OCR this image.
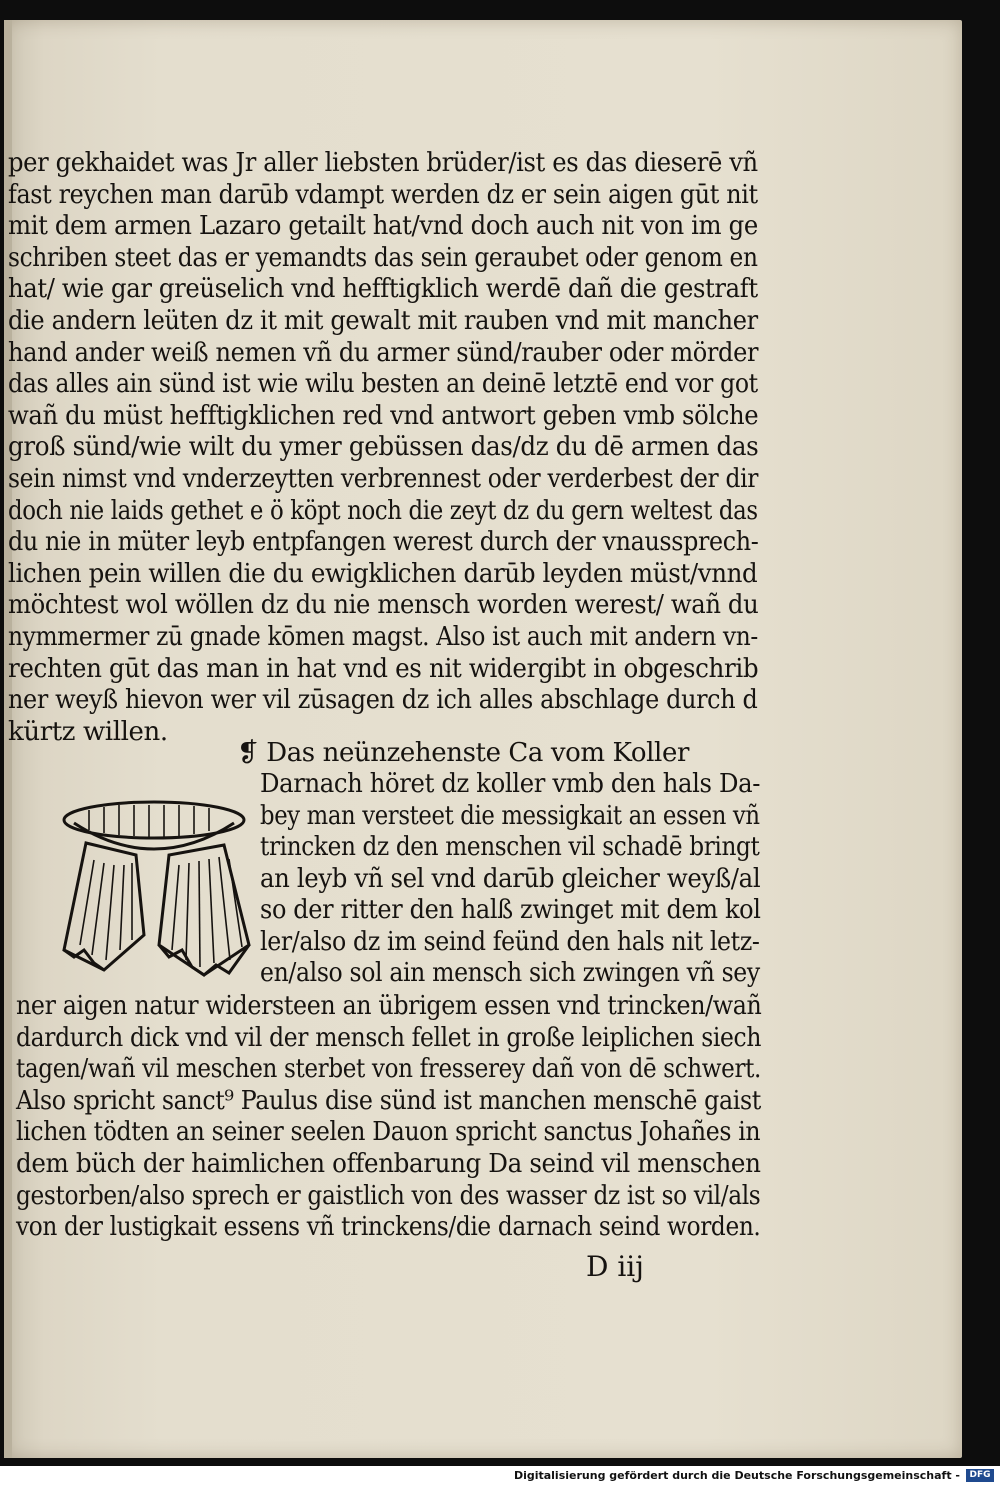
per gekhaidet was Jr aller liebsten brüder/ist es das dieserē vñ
fast reychen man darūb vdampt werden dz er sein aigen gūt nit
mit dem armen Lazaro getailt hat/vnd doch auch nit von im ge
schriben steet das er yemandts das sein geraubet oder genom en
hat/ wie gar greüselich vnd hefftigklich werdē dañ die gestraft
die andern leüten dz it mit gewalt mit rauben vnd mit mancher
hand ander weiß nemen vñ du armer sünd/rauber oder mörder
das alles ain sünd ist wie wilu besten an deinē letztē end vor got
wañ du müst hefftigklichen red vnd antwort geben vmb sölche
groß sünd/wie wilt du ymer gebüssen das/dz du dē armen das
sein nimst vnd vnderzeytten verbrennest oder verderbest der dir
doch nie laids gethet e ö köpt noch die zeyt dz du gern weltest das
du nie in müter leyb entpfangen werest durch der vnaussprech-
lichen pein willen die du ewigklichen darūb leyden müst/vnnd
möchtest wol wöllen dz du nie mensch worden werest/ wañ du
nymmermer zū gnade kōmen magst. Also ist auch mit andern vn-
rechten gūt das man in hat vnd es nit widergibt in obgeschrib
ner weyß hievon wer vil zūsagen dz ich alles abschlage durch d
kürtz willen.
❡ Das neünzehenste Ca vom Koller
Darnach höret dz koller vmb den hals Da-
bey man versteet die messigkait an essen vñ
trincken dz den menschen vil schadē bringt
an leyb vñ sel vnd darūb gleicher weyß/al
so der ritter den halß zwinget mit dem kol
ler/also dz im seind feünd den hals nit letz-
en/also sol ain mensch sich zwingen vñ sey
ner aigen natur widersteen an übrigem essen vnd trincken/wañ
dardurch dick vnd vil der mensch fellet in große leiplichen siech
tagen/wañ vil meschen sterbet von fresserey dañ von dē schwert.
Also spricht sanct⁹ Paulus dise sünd ist manchen menschē gaist
lichen tödten an seiner seelen Dauon spricht sanctus Johañes in
dem büch der haimlichen offenbarung Da seind vil menschen
gestorben/also sprech er gaistlich von des wasser dz ist so vil/als
von der lustigkait essens vñ trinckens/die darnach seind worden.
D iij
Digitalisierung gefördert durch die Deutsche Forschungsgemeinschaft -	DFG
